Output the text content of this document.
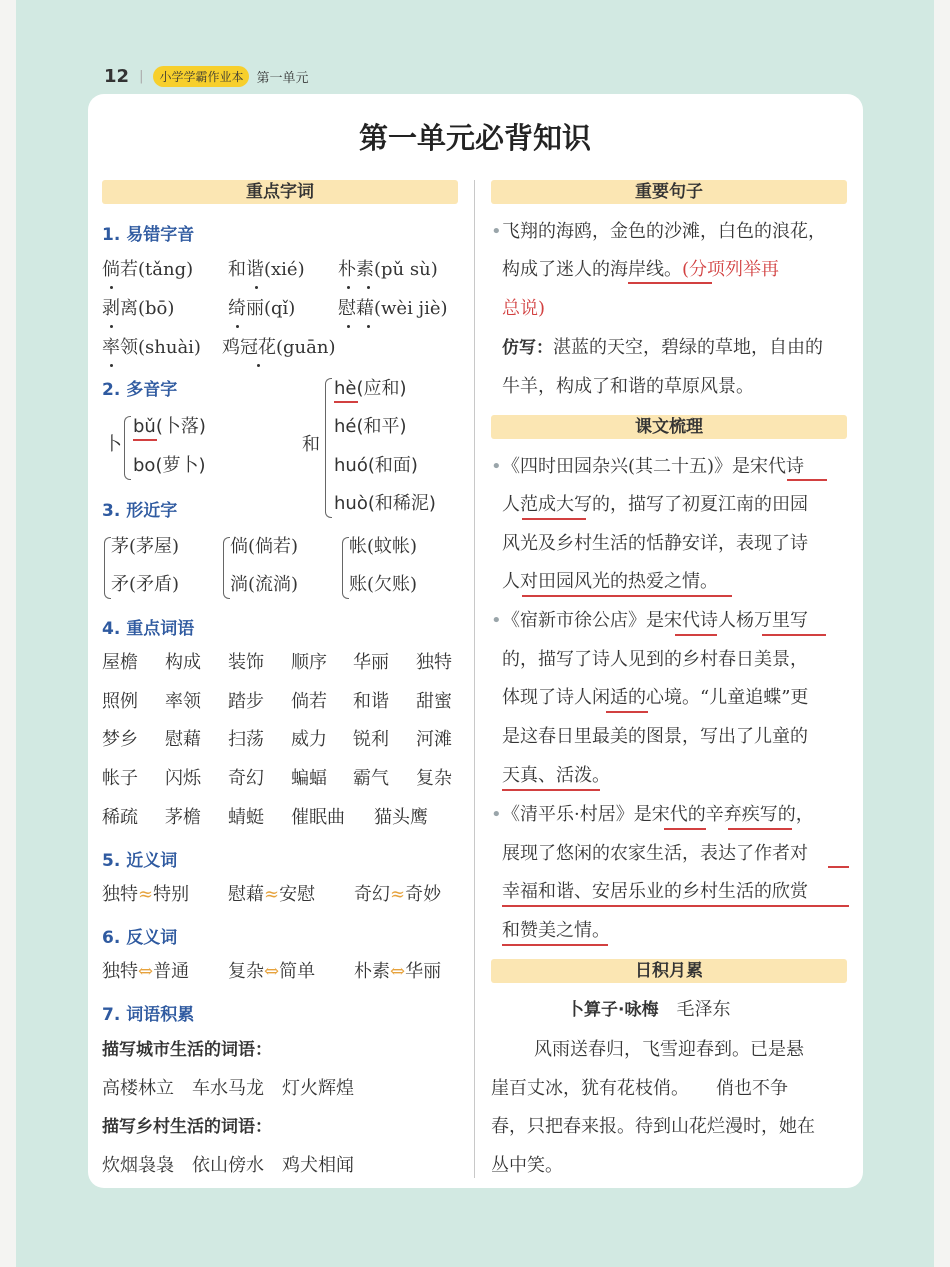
12 |	小学学霸作业本	第一单元
第一单元必背知识
重点字词
1. 易错字音
倘若(tǎng) 和谐(xié) 朴素(pǔ sù)
剥离(bō)	绮丽(qǐ) 慰藉(wèi jiè)
率领(shuài) 鸡冠花(guān)
2. 多音字
卜
bǔ(卜落)
bo(萝卜)
和
hè(应和)
hé(和平)
huó(和面)
huò(和稀泥)
3. 形近字
茅(茅屋)
矛(矛盾)
倘(倘若)
淌(流淌)
帐(蚊帐)
账(欠账)
4. 重点词语
屋檐 构成 装饰 顺序 华丽 独特
照例 率领 踏步 倘若 和谐 甜蜜
梦乡 慰藉 扫荡 威力 锐利 河滩
帐子 闪烁 奇幻 蝙蝠 霸气 复杂
稀疏 茅檐 蜻蜓 催眠曲 猫头鹰
5. 近义词
独特≈特别 慰藉≈安慰 奇幻≈奇妙
6. 反义词
独特⇔普通 复杂⇔简单 朴素⇔华丽
7. 词语积累
描写城市生活的词语：
高楼林立　车水马龙　灯火辉煌
描写乡村生活的词语：
炊烟袅袅　依山傍水　鸡犬相闻
重要句子
• 飞翔的海鸥，金色的沙滩，白色的浪花，
构成了迷人的海岸线。(分项列举再
总说)
仿写：湛蓝的天空，碧绿的草地，自由的
牛羊，构成了和谐的草原风景。
课文梳理
• 《四时田园杂兴(其二十五)》是宋代诗
人范成大写的，描写了初夏江南的田园
风光及乡村生活的恬静安详，表现了诗
人对田园风光的热爱之情。
• 《宿新市徐公店》是宋代诗人杨万里写
的，描写了诗人见到的乡村春日美景，
体现了诗人闲适的心境。“儿童追蝶”更
是这春日里最美的图景，写出了儿童的
天真、活泼。
• 《清平乐·村居》是宋代的辛弃疾写的，
展现了悠闲的农家生活，表达了作者对
幸福和谐、安居乐业的乡村生活的欣赏
和赞美之情。
日积月累
卜算子·咏梅　 毛泽东
风雨送春归，飞雪迎春到。已是悬
崖百丈冰，犹有花枝俏。　　俏也不争
春，只把春来报。待到山花烂漫时，她在
丛中笑。
